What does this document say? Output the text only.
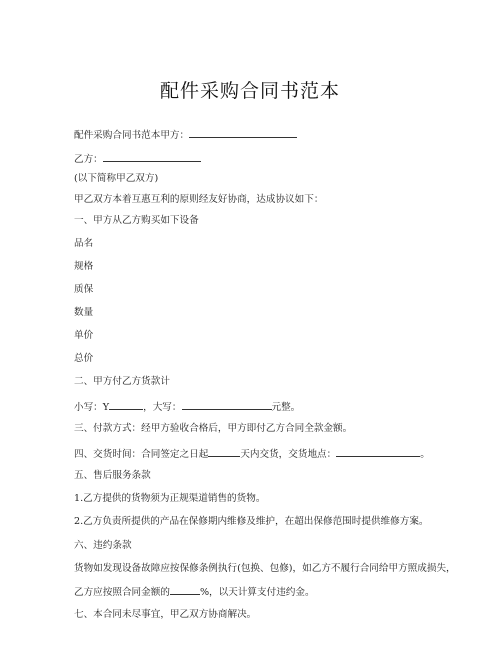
配件采购合同书范本
配件采购合同书范本甲方：
乙方：
(以下简称甲乙双方)
甲乙双方本着互惠互利的原则经友好协商，达成协议如下：
一、甲方从乙方购买如下设备
品名
规格
质保
数量
单价
总价
二、甲方付乙方货款计
小写：Y	，大写：	元整。
三、付款方式：经甲方验收合格后，甲方即付乙方合同全款金额。
四、交货时间：合同签定之日起	天内交货，交货地点：	。
五、售后服务条款
1.乙方提供的货物须为正规渠道销售的货物。
2.乙方负责所提供的产品在保修期内维修及维护，在超出保修范围时提供维修方案。
六、违约条款
货物如发现设备故障应按保修条例执行(包换、包修)，如乙方不履行合同给甲方照成损失，
乙方应按照合同金额的	%，以天计算支付违约金。
七、本合同未尽事宜，甲乙双方协商解决。
